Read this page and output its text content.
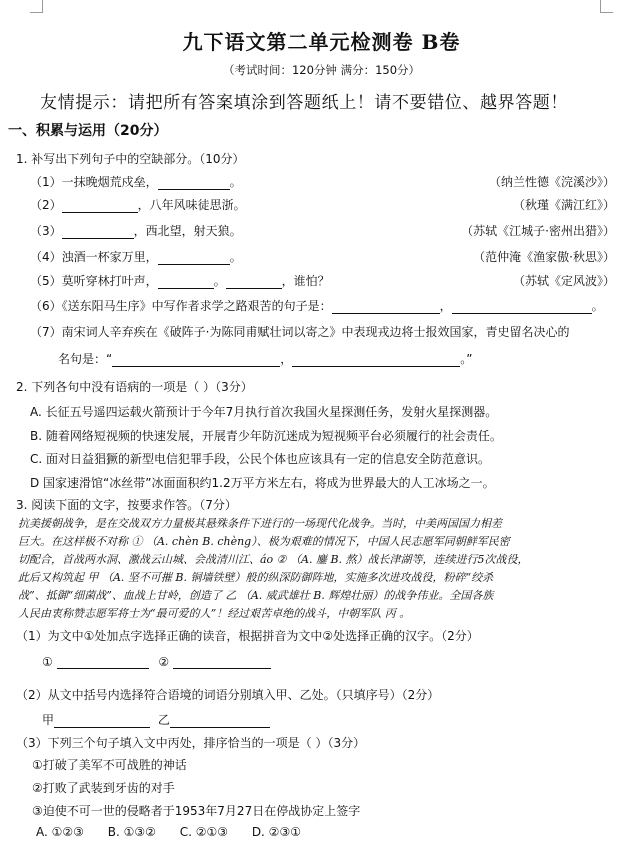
九下语文第二单元检测卷 B卷
（考试时间：120分钟 满分：150分）
友情提示：请把所有答案填涂到答题纸上！请不要错位、越界答题！
一、积累与运用（20分）
1. 补写出下列句子中的空缺部分。（10分）
（1）一抹晚烟荒戍垒，	。	（纳兰性德《浣溪沙》）
（2）	，八年风味徒思浙。	（秋瑾《满江红》）
（3）	，西北望，射天狼。	（苏轼《江城子·密州出猎》）
（4）浊酒一杯家万里，	。	（范仲淹《渔家傲·秋思》）
（5）莫听穿林打叶声，	。	，谁怕？	（苏轼《定风波》）
（6）《送东阳马生序》中写作者求学之路艰苦的句子是：	，	。
（7）南宋词人辛弃疾在《破阵子·为陈同甫赋壮词以寄之》中表现戎边将士报效国家，青史留名决心的
名句是：“	，	。”
2. 下列各句中没有语病的一项是（ ）（3分）
A. 长征五号遥四运载火箭预计于今年7月执行首次我国火星探测任务，发射火星探测器。
B. 随着网络短视频的快速发展，开展青少年防沉迷成为短视频平台必须履行的社会责任。
C. 面对日益猖獗的新型电信犯罪手段，公民个体也应该具有一定的信息安全防范意识。
D 国家速滑馆“冰丝带”冰面面积约1.2万平方米左右，将成为世界最大的人工冰场之一。
3. 阅读下面的文字，按要求作答。（7分）
抗美援朝战争，是在交战双方力量极其悬殊条件下进行的一场现代化战争。当时，中美两国国力相差
巨大。在这样极不对称 ① （A. chèn B. chèng）、极为艰难的情况下，中国人民志愿军同朝鲜军民密
切配合，首战两水洞、激战云山城、会战清川江、áo ② （A. 鏖 B. 熬）战长津湖等，连续进行5次战役，
此后又构筑起 甲 （A. 坚不可摧 B. 铜墙铁壁）般的纵深防御阵地，实施多次进攻战役，粉碎“绞杀
战”、抵御“细菌战”、血战上甘岭，创造了 乙 （A. 威武雄壮 B. 辉煌壮丽）的战争伟业。全国各族
人民由衷称赞志愿军将士为“最可爱的人”！经过艰苦卓绝的战斗，中朝军队 丙 。
（1）为文中①处加点字选择正确的读音，根据拼音为文中②处选择正确的汉字。（2分）
①	②
（2）从文中括号内选择符合语境的词语分别填入甲、乙处。（只填序号）（2分）
甲	乙
（3）下列三个句子填入文中丙处，排序恰当的一项是（ ）（3分）
①打破了美军不可战胜的神话
②打败了武装到牙齿的对手
③迫使不可一世的侵略者于1953年7月27日在停战协定上签字
A. ①②③ B. ①③② C. ②①③ D. ②③①
